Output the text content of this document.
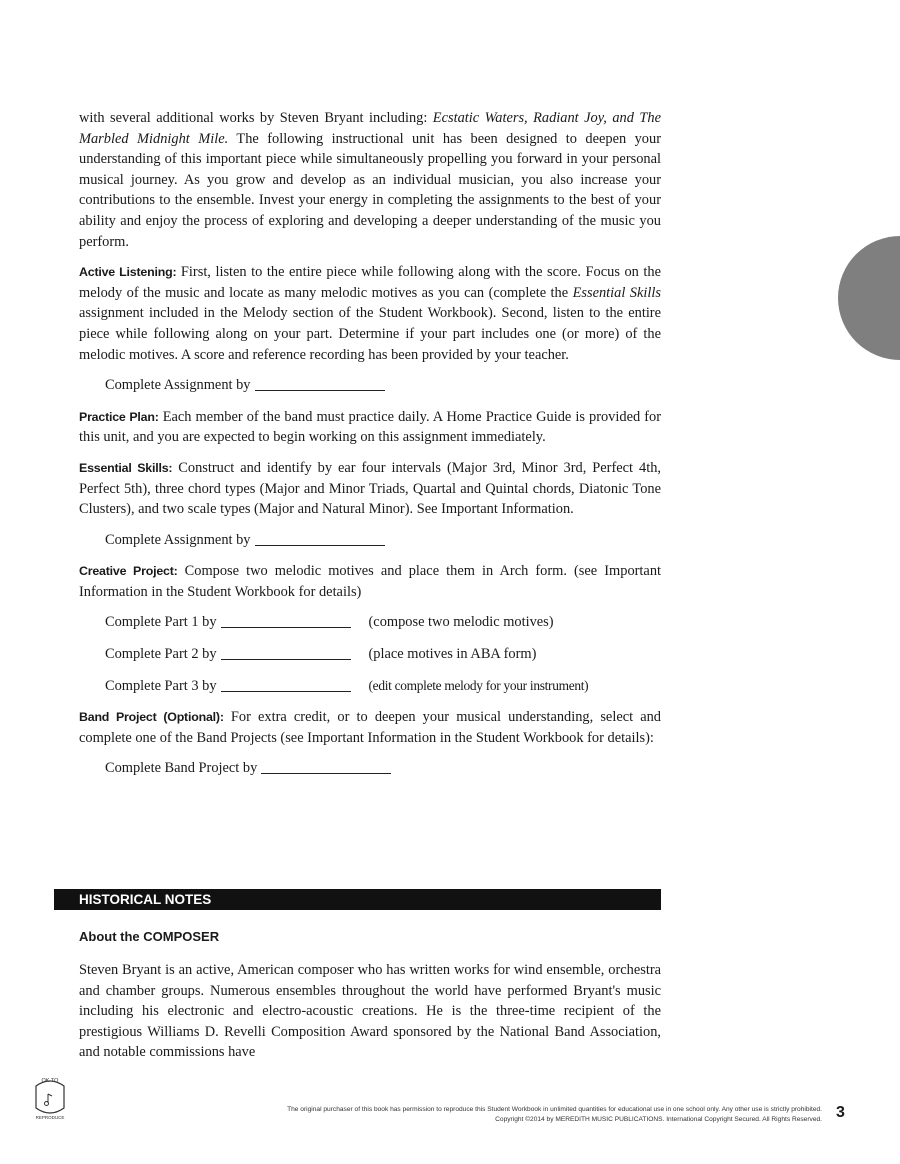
with several additional works by Steven Bryant including: Ecstatic Waters, Radiant Joy, and The Marbled Midnight Mile. The following instructional unit has been designed to deepen your understanding of this important piece while simultaneously propelling you forward in your personal musical journey. As you grow and develop as an individual musician, you also increase your contributions to the ensemble. Invest your energy in completing the assignments to the best of your ability and enjoy the process of exploring and developing a deeper understanding of the music you perform.

Active Listening: First, listen to the entire piece while following along with the score. Focus on the melody of the music and locate as many melodic motives as you can (complete the Essential Skills assignment included in the Melody section of the Student Workbook). Second, listen to the entire piece while following along on your part. Determine if your part includes one (or more) of the melodic motives. A score and reference recording has been provided by your teacher.

Complete Assignment by

Practice Plan: Each member of the band must practice daily. A Home Practice Guide is provided for this unit, and you are expected to begin working on this assignment immediately.

Essential Skills: Construct and identify by ear four intervals (Major 3rd, Minor 3rd, Perfect 4th, Perfect 5th), three chord types (Major and Minor Triads, Quartal and Quintal chords, Diatonic Tone Clusters), and two scale types (Major and Natural Minor). See Important Information.

Complete Assignment by

Creative Project: Compose two melodic motives and place them in Arch form. (see Important Information in the Student Workbook for details)

Complete Part 1 by	(compose two melodic motives)
Complete Part 2 by	(place motives in ABA form)
Complete Part 3 by	(edit complete melody for your instrument)

Band Project (Optional): For extra credit, or to deepen your musical understanding, select and complete one of the Band Projects (see Important Information in the Student Workbook for details):

Complete Band Project by
HISTORICAL NOTES
About the COMPOSER

Steven Bryant is an active, American composer who has written works for wind ensemble, orchestra and chamber groups. Numerous ensembles throughout the world have performed Bryant's music including his electronic and electro-acoustic creations. He is the three-time recipient of the prestigious Williams D. Revelli Composition Award sponsored by the National Band Association, and notable commissions have

OK TO
REPRODUCE
The original purchaser of this book has permission to reproduce this Student Workbook in unlimited quantities for educational use in one school only. Any other use is strictly prohibited.
Copyright ©2014 by MEREDITH MUSIC PUBLICATIONS. International Copyright Secured. All Rights Reserved. 3
